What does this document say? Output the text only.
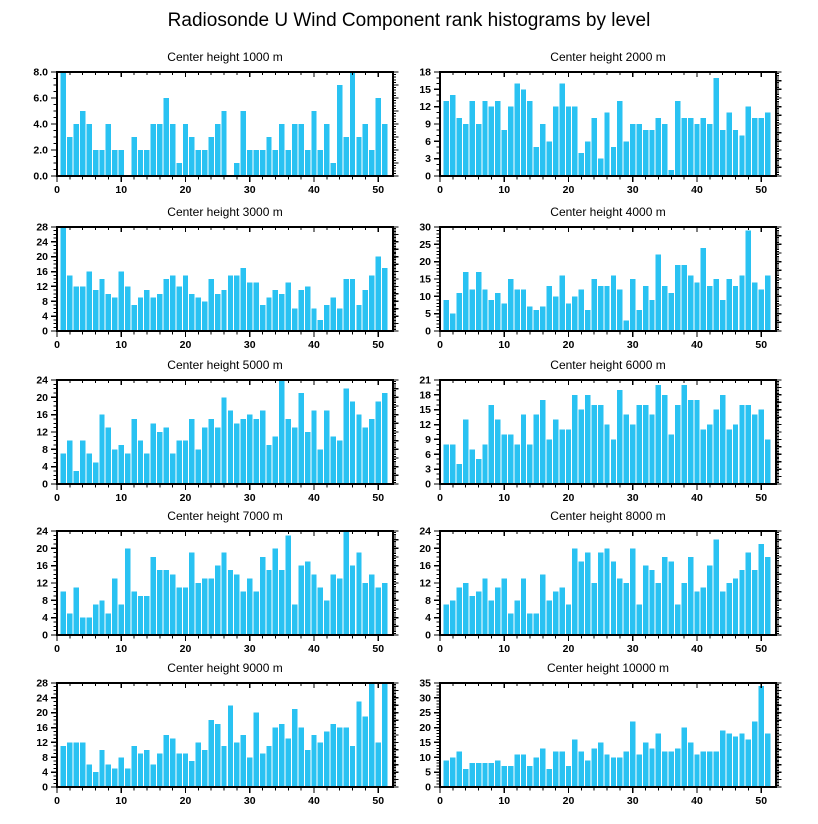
Radiosonde U Wind Component rank histograms by level
Center height 1000 m
0	10	20	30	40	50
0.0
2.0
4.0
6.0
8.0
Center height 2000 m
0	10	20	30	40	50
0
3
6
9
12
15
18
Center height 3000 m
0	10	20	30	40	50
0
4
8
12
16
20
24
28
Center height 4000 m
0	10	20	30	40	50
0
5
10
15
20
25
30
Center height 5000 m
0	10	20	30	40	50
0
4
8
12
16
20
24
Center height 6000 m
0	10	20	30	40	50
0
3
6
9
12
15
18
21
Center height 7000 m
0	10	20	30	40	50
0
4
8
12
16
20
24
Center height 8000 m
0	10	20	30	40	50
0
4
8
12
16
20
24
Center height 9000 m
0	10	20	30	40	50
0
4
8
12
16
20
24
28
Center height 10000 m
0	10	20	30	40	50
0
5
10
15
20
25
30
35
